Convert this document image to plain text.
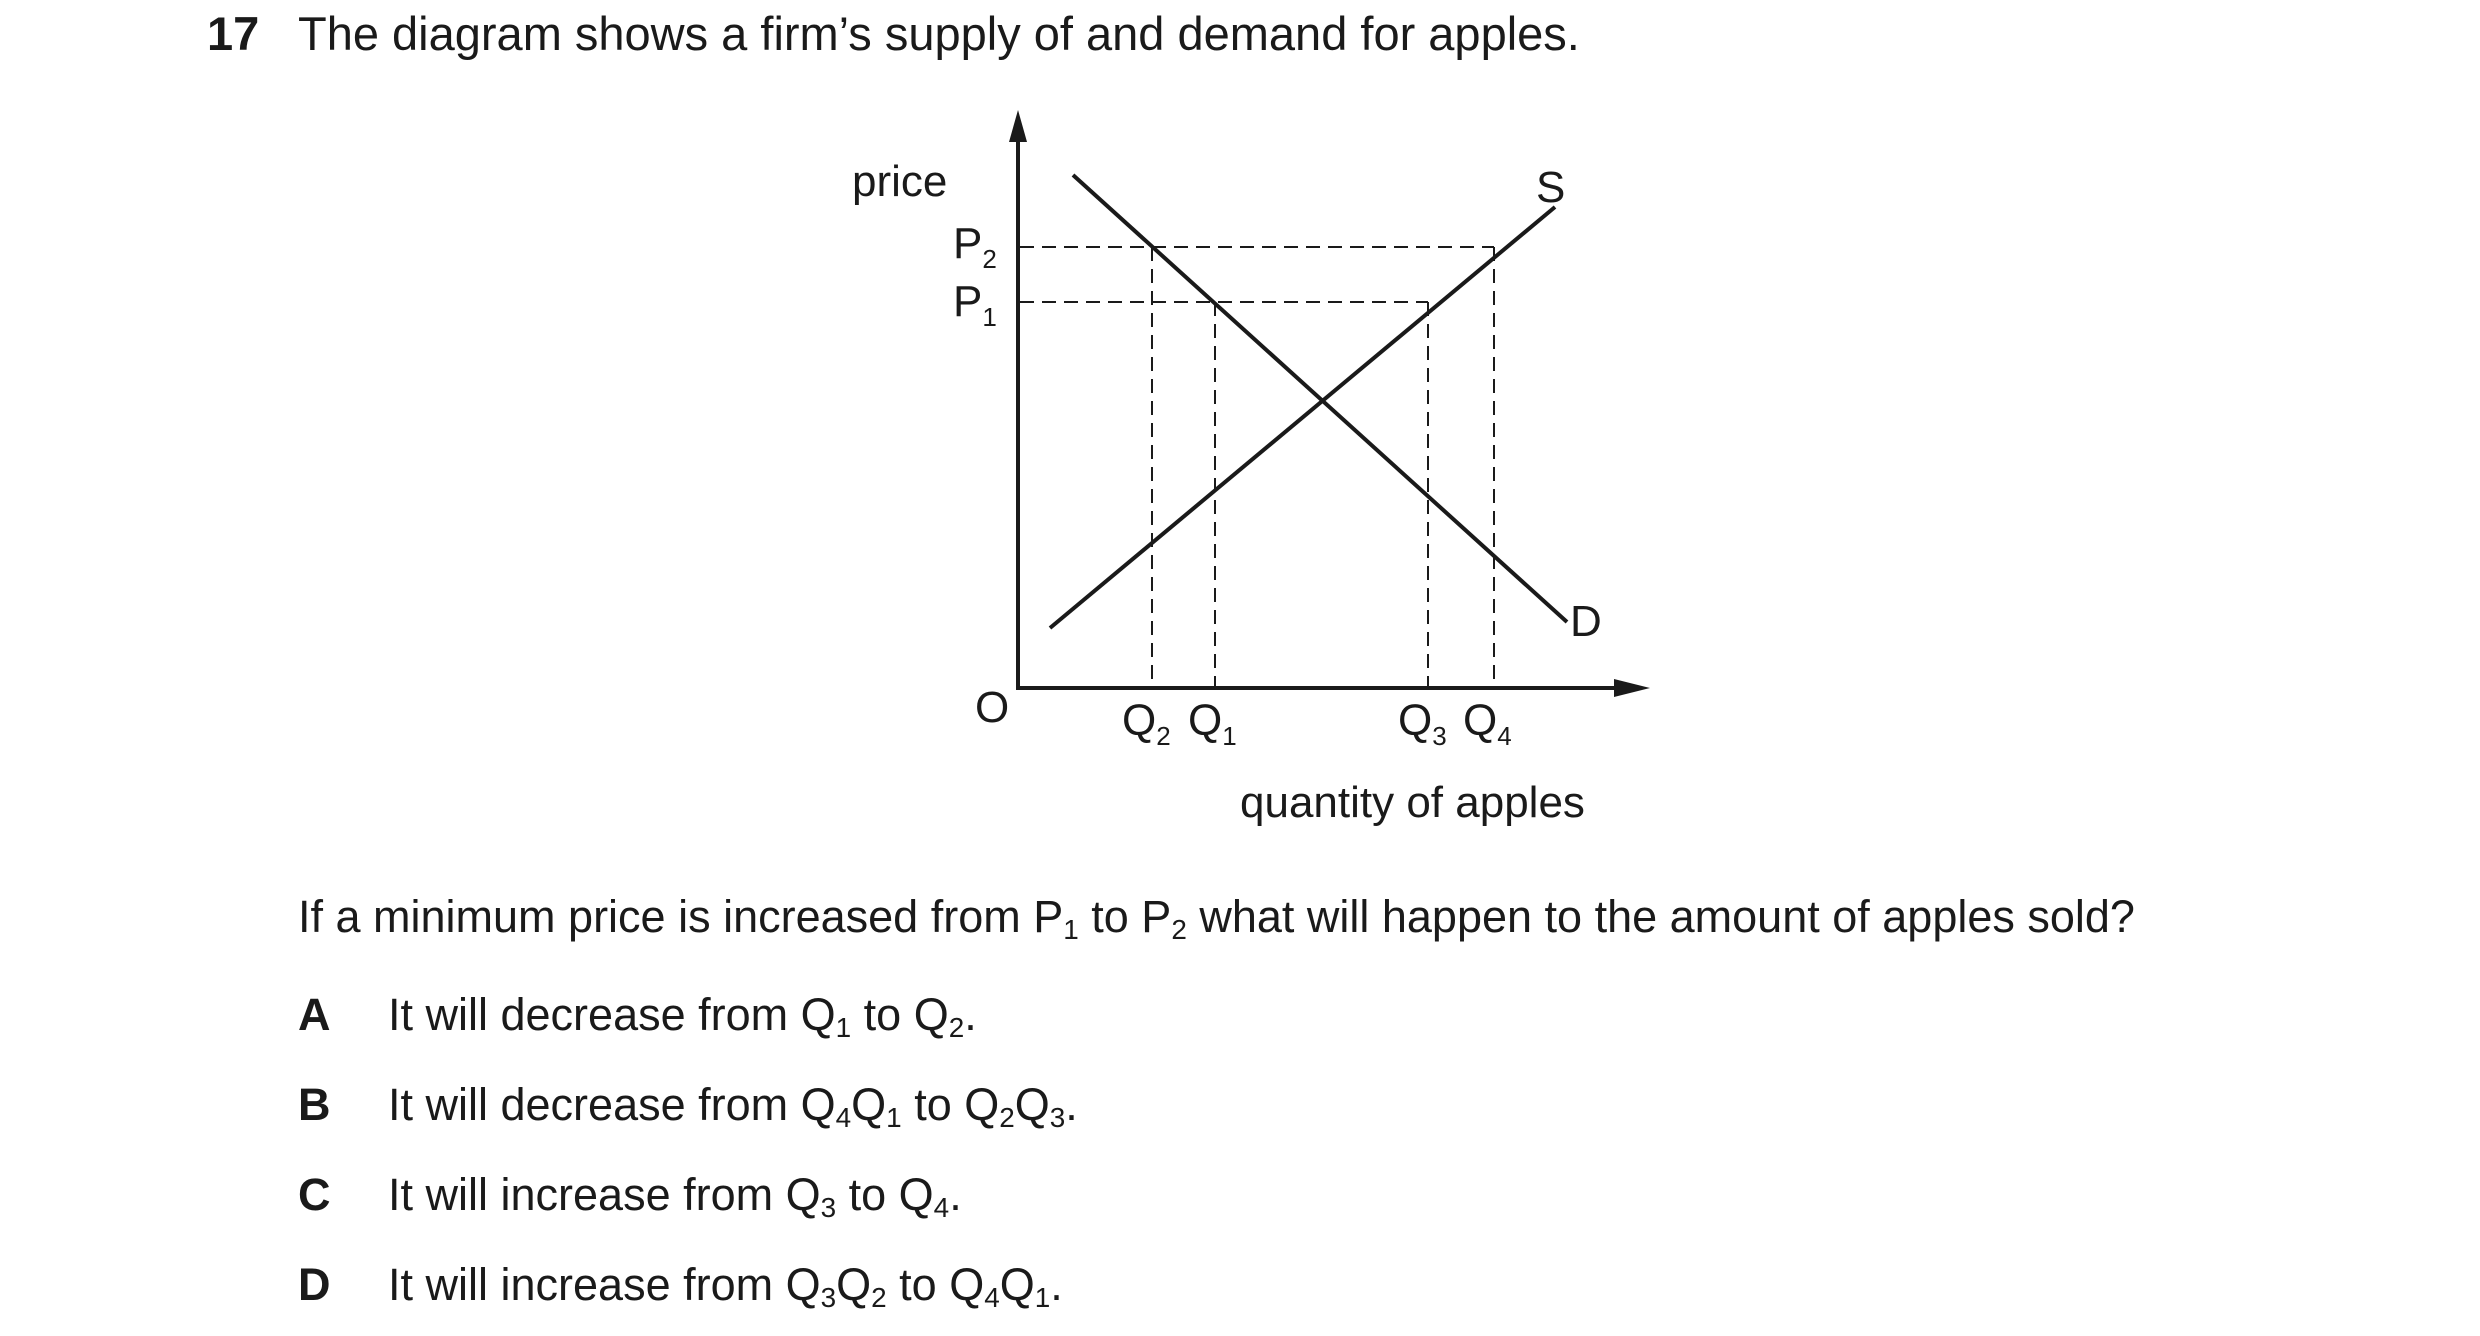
17 The diagram shows a firm’s supply of and demand for apples.
S
D
price
O
quantity of apples
$P_2$
$P_1$
$Q_2$ $Q_1$	$Q_3$ $Q_4$
If a minimum price is increased from $P_1$ to $P_2$ what will happen to the amount of apples sold?
A It will decrease from $Q_1$ to $Q_2$.
B It will decrease from $Q_4Q_1$ to $Q_2Q_3$.
C It will increase from $Q_3$ to $Q_4$.
D It will increase from $Q_3Q_2$ to $Q_4Q_1$.
